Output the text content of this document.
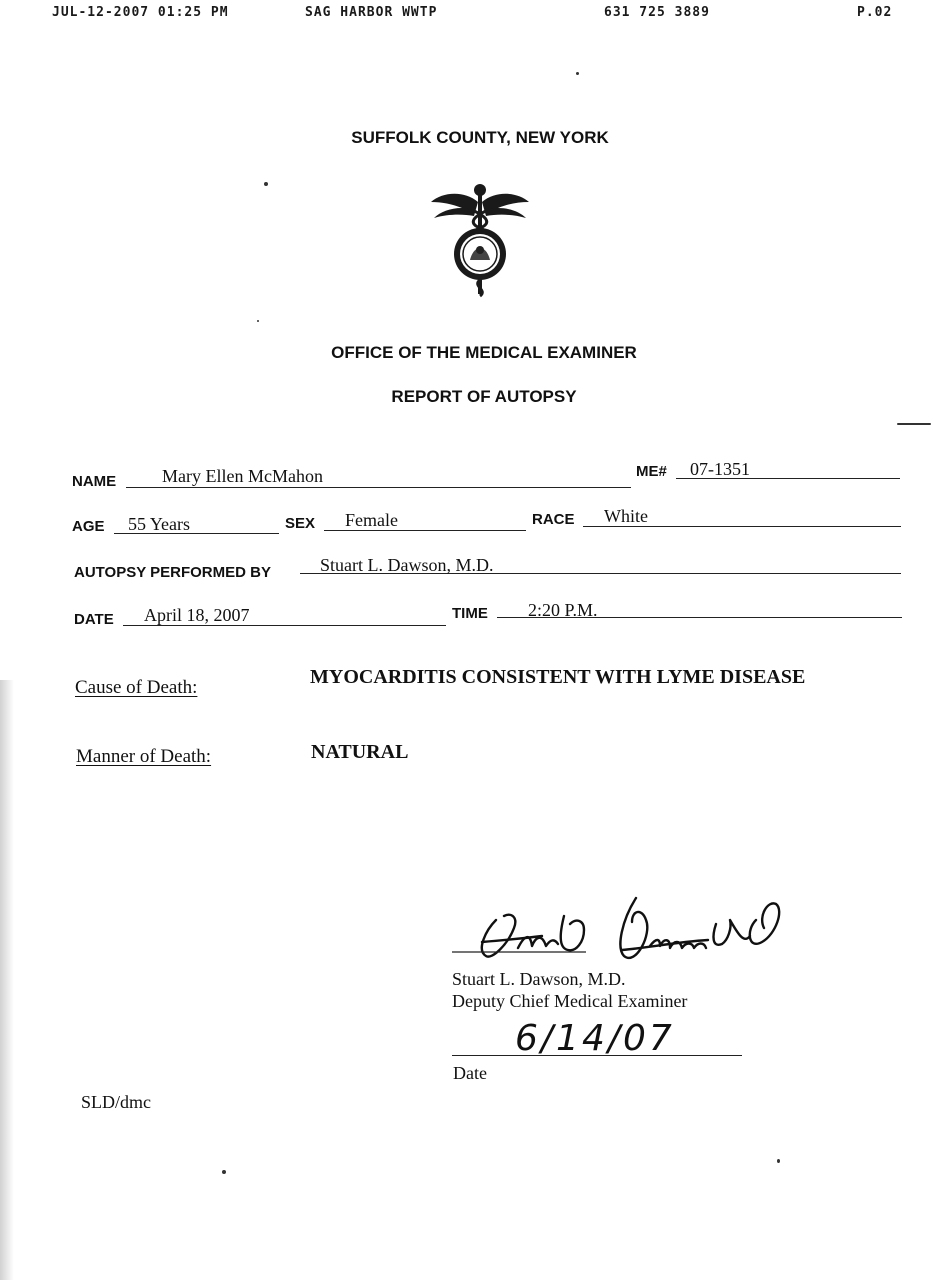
JUL-12-2007 01:25 PM	SAG HARBOR WWTP	631 725 3889	P.02
SUFFOLK COUNTY, NEW YORK
OFFICE OF THE MEDICAL EXAMINER
REPORT OF AUTOPSY
NAME	Mary Ellen McMahon	ME# 07-1351
AGE 55 Years	SEX Female	RACE White
AUTOPSY PERFORMED BY	Stuart L. Dawson, M.D.
DATE April 18, 2007	TIME 2:20 P.M.
Cause of Death:	MYOCARDITIS CONSISTENT WITH LYME DISEASE
Manner of Death:	NATURAL
Stuart L. Dawson, M.D.
Deputy Chief Medical Examiner
6/14/07
Date
SLD/dmc
